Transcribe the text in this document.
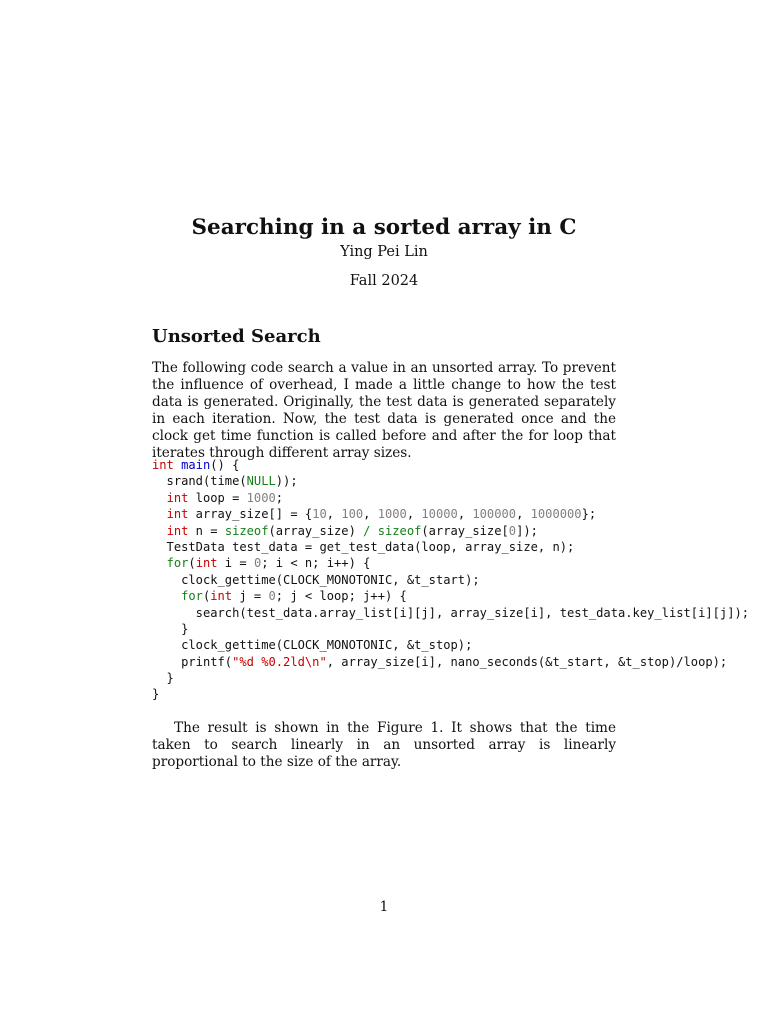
Searching in a sorted array in C
Ying Pei Lin
Fall 2024
Unsorted Search

The following code search a value in an unsorted array. To prevent the influence of overhead, I made a little change to how the test data is generated. Originally, the test data is generated separately in each iteration. Now, the test data is generated once and the clock get time function is called before and after the for loop that iterates through different array sizes.

int main() {
srand(time(NULL));
int loop = 1000;
int array_size[] = {10, 100, 1000, 10000, 100000, 1000000};
int n = sizeof(array_size) / sizeof(array_size[0]);
TestData test_data = get_test_data(loop, array_size, n);
for(int i = 0; i < n; i++) {
clock_gettime(CLOCK_MONOTONIC, &t_start);
for(int j = 0; j < loop; j++) {
search(test_data.array_list[i][j], array_size[i], test_data.key_list[i][j]);
}
clock_gettime(CLOCK_MONOTONIC, &t_stop);
printf("%d %0.2ld\n", array_size[i], nano_seconds(&t_start, &t_stop)/loop);
}
}

The result is shown in the Figure 1. It shows that the time taken to search linearly in an unsorted array is linearly proportional to the size of the array.

1
